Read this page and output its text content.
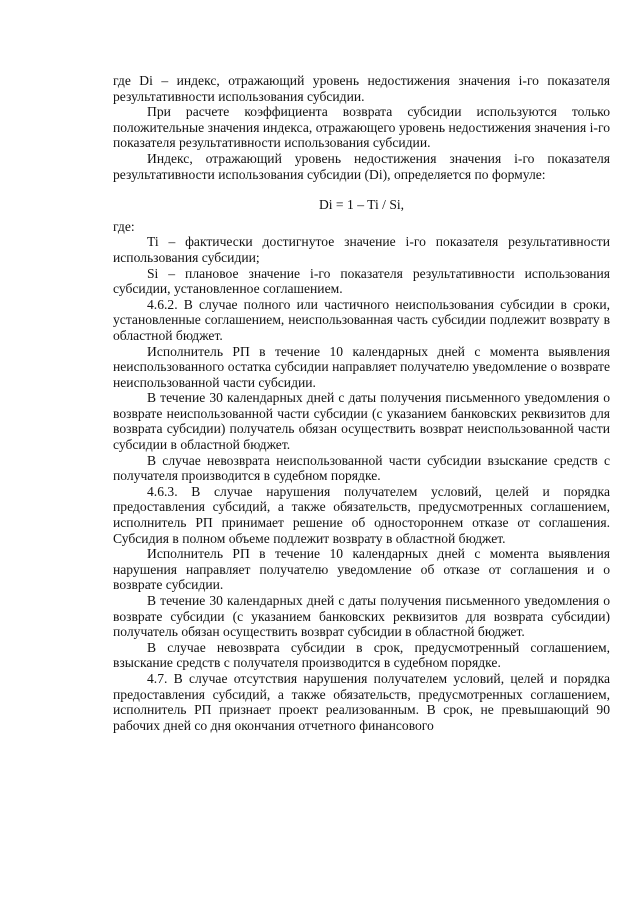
где Di – индекс, отражающий уровень недостижения значения i-го показателя результативности использования субсидии.

При расчете коэффициента возврата субсидии используются только положительные значения индекса, отражающего уровень недостижения значения i-го показателя результативности использования субсидии.

Индекс, отражающий уровень недостижения значения i-го показателя результативности использования субсидии (Di), определяется по формуле:

Di = 1 – Ti / Si,

где:

Ti – фактически достигнутое значение i-го показателя результативности использования субсидии;

Si – плановое значение i-го показателя результативности использования субсидии, установленное соглашением.

4.6.2. В случае полного или частичного неиспользования субсидии в сроки, установленные соглашением, неиспользованная часть субсидии подлежит возврату в областной бюджет.

Исполнитель РП в течение 10 календарных дней с момента выявления неиспользованного остатка субсидии направляет получателю уведомление о возврате неиспользованной части субсидии.

В течение 30 календарных дней с даты получения письменного уведомления о возврате неиспользованной части субсидии (с указанием банковских реквизитов для возврата субсидии) получатель обязан осуществить возврат неиспользованной части субсидии в областной бюджет.

В случае невозврата неиспользованной части субсидии взыскание средств с получателя производится в судебном порядке.

4.6.3. В случае нарушения получателем условий, целей и порядка предоставления субсидий, а также обязательств, предусмотренных соглашением, исполнитель РП принимает решение об одностороннем отказе от соглашения. Субсидия в полном объеме подлежит возврату в областной бюджет.

Исполнитель РП в течение 10 календарных дней с момента выявления нарушения направляет получателю уведомление об отказе от соглашения и о возврате субсидии.

В течение 30 календарных дней с даты получения письменного уведомления о возврате субсидии (с указанием банковских реквизитов для возврата субсидии) получатель обязан осуществить возврат субсидии в областной бюджет.

В случае невозврата субсидии в срок, предусмотренный соглашением, взыскание средств с получателя производится в судебном порядке.

4.7. В случае отсутствия нарушения получателем условий, целей и порядка предоставления субсидий, а также обязательств, предусмотренных соглашением, исполнитель РП признает проект реализованным. В срок, не превышающий 90 рабочих дней со дня окончания отчетного финансового
